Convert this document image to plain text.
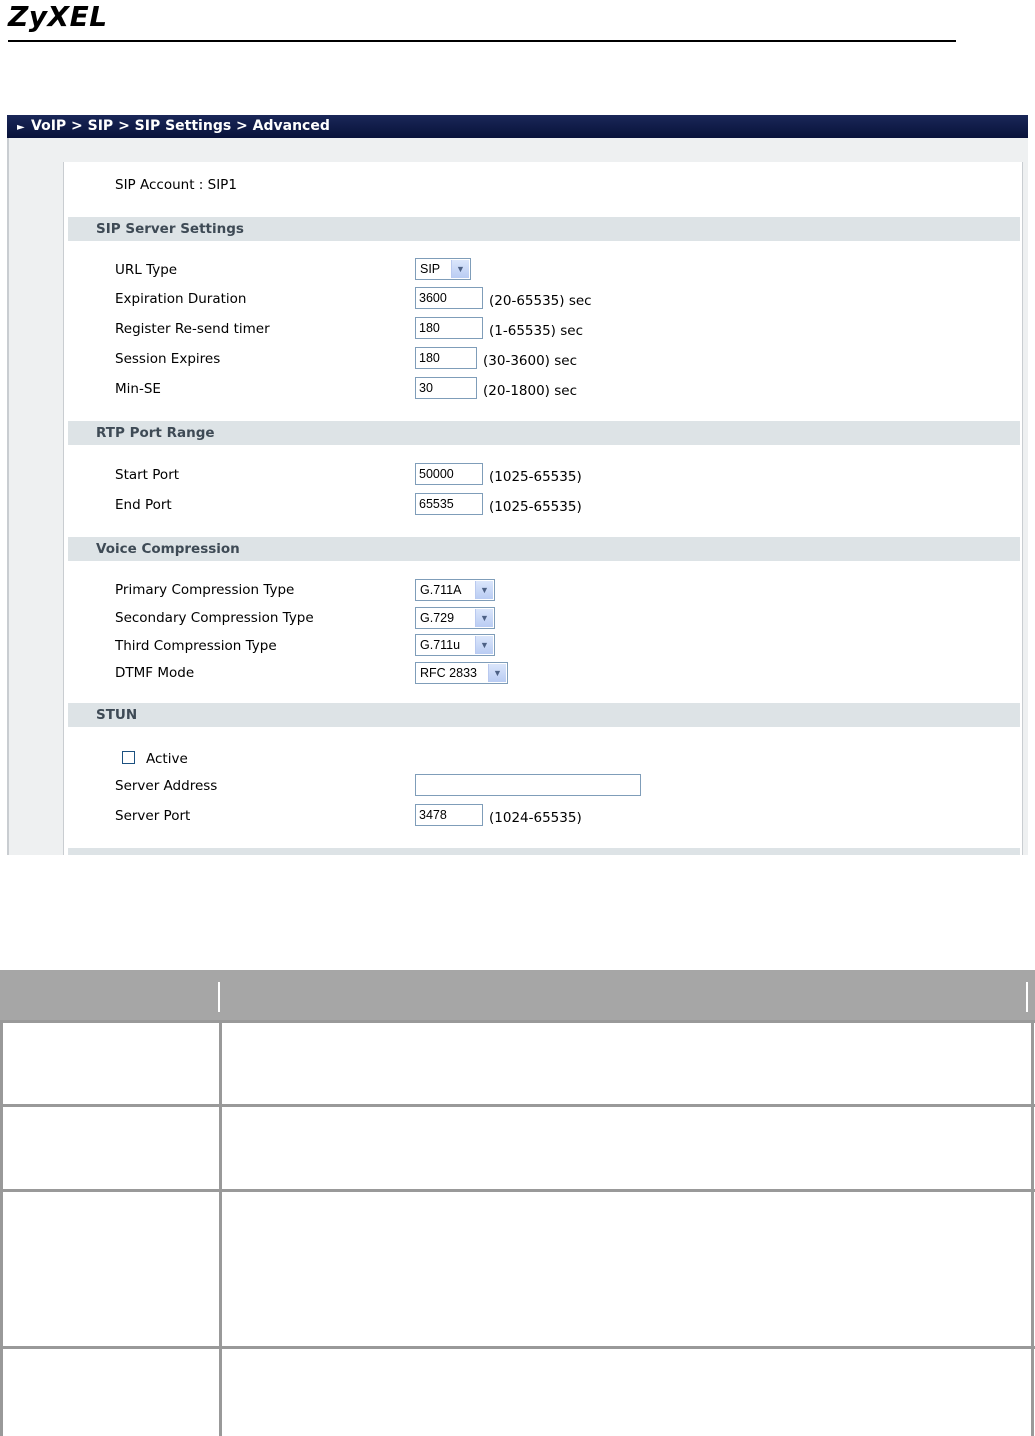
ZyXEL
► VoIP > SIP > SIP Settings > Advanced
SIP Account : SIP1
SIP Server Settings
URL Type	SIP	▼
Expiration Duration	3600	(20-65535) sec
Register Re-send timer	180	(1-65535) sec
Session Expires	180	(30-3600) sec
Min-SE	30	(20-1800) sec
RTP Port Range
Start Port	50000	(1025-65535)
End Port	65535	(1025-65535)
Voice Compression
Primary Compression Type	G.711A	▼
Secondary Compression Type	G.729	▼
Third Compression Type	G.711u	▼
DTMF Mode	RFC 2833	▼
STUN
Active
Server Address
Server Port	3478	(1024-65535)
